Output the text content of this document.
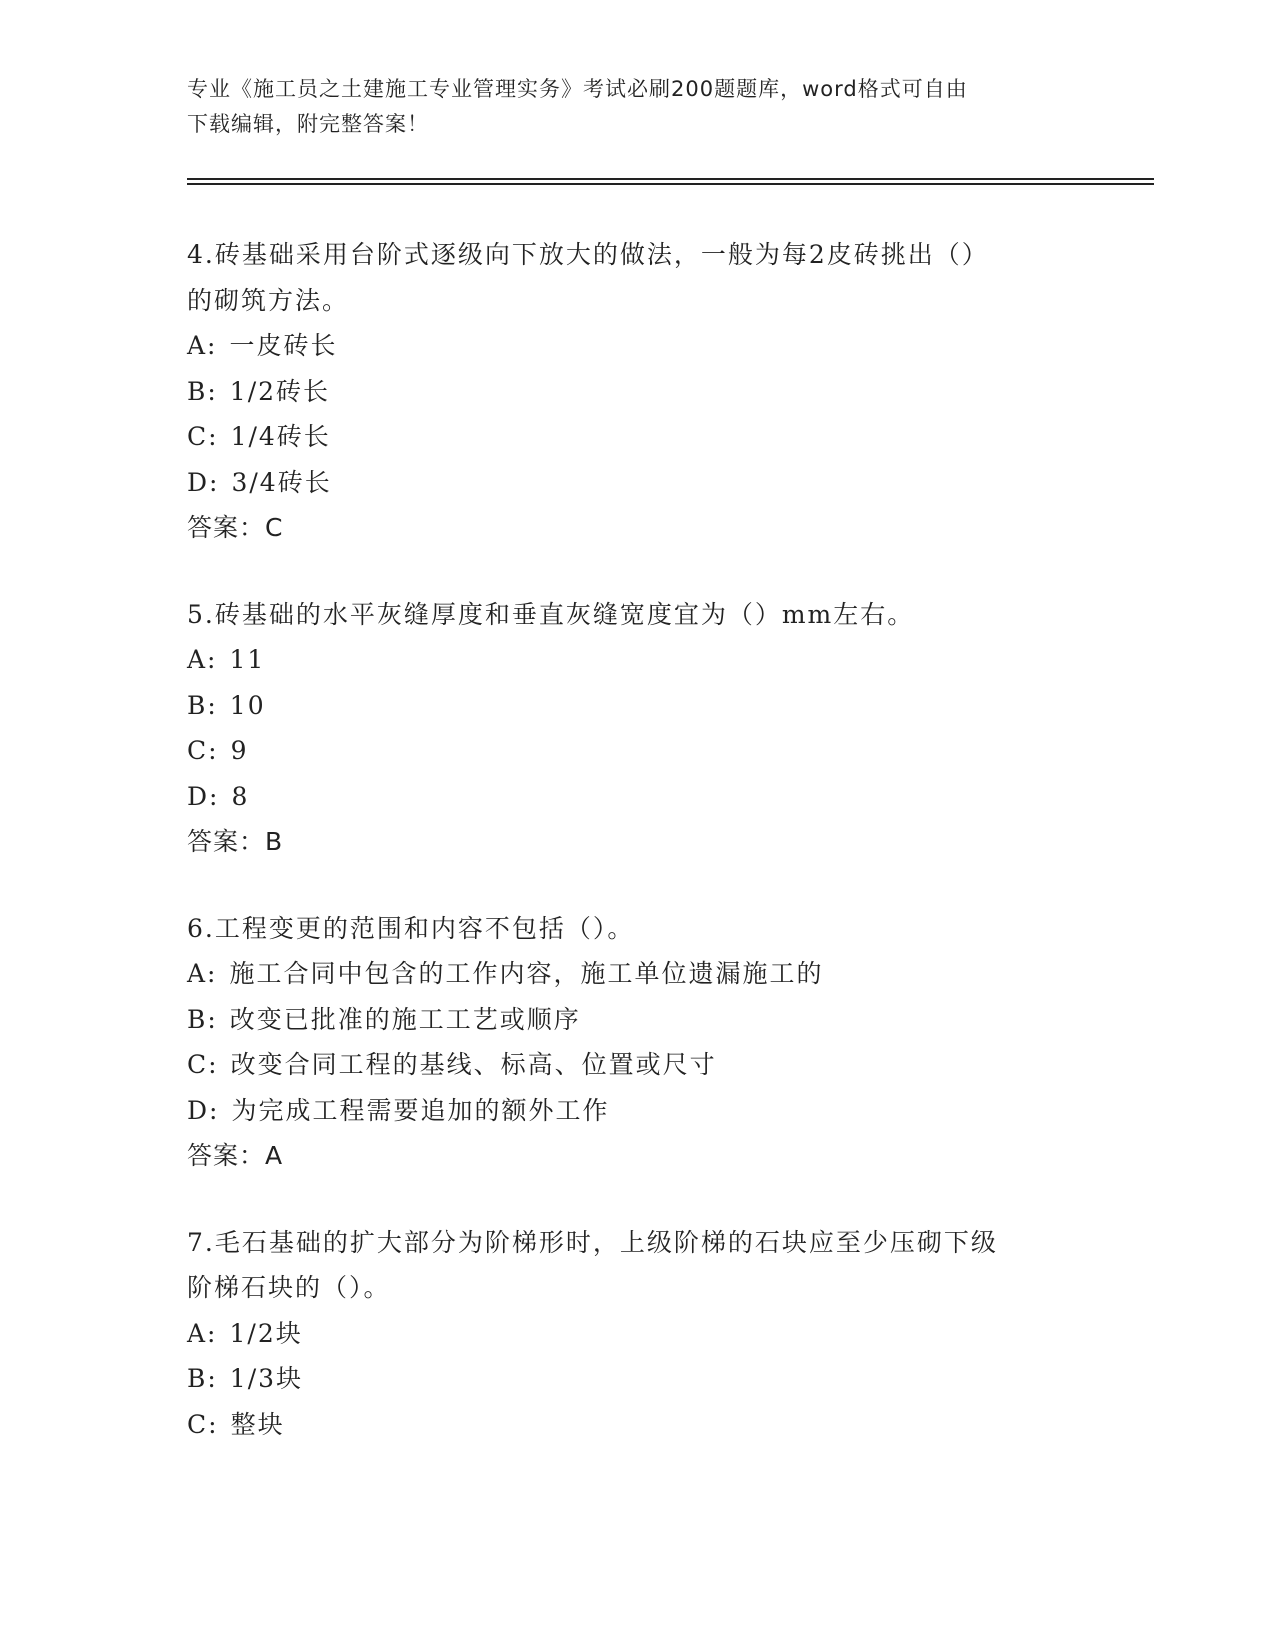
专业《施工员之土建施工专业管理实务》考试必刷200题题库，word格式可自由
下载编辑，附完整答案！
4.砖基础采用台阶式逐级向下放大的做法，一般为每2皮砖挑出（）
的砌筑方法。
A: 一皮砖长
B: 1/2砖长
C: 1/4砖长
D: 3/4砖长
答案：C
5.砖基础的水平灰缝厚度和垂直灰缝宽度宜为（）mm左右。
A: 11
B: 10
C: 9
D: 8
答案：B
6.工程变更的范围和内容不包括（）。
A: 施工合同中包含的工作内容，施工单位遗漏施工的
B: 改变已批准的施工工艺或顺序
C: 改变合同工程的基线、标高、位置或尺寸
D: 为完成工程需要追加的额外工作
答案：A
7.毛石基础的扩大部分为阶梯形时，上级阶梯的石块应至少压砌下级
阶梯石块的（）。
A: 1/2块
B: 1/3块
C: 整块
